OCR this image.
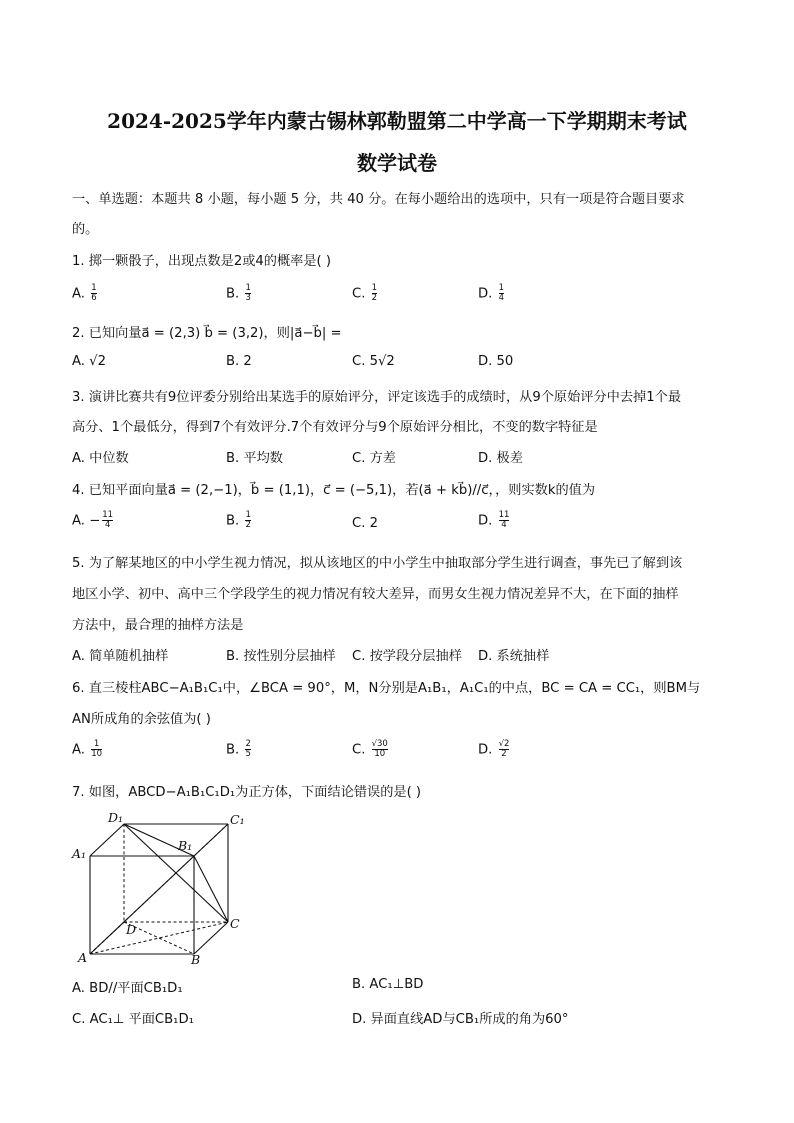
2024-2025学年内蒙古锡林郭勒盟第二中学高一下学期期末考试
数学试卷
一、单选题：本题共 8 小题，每小题 5 分，共 40 分。在每小题给出的选项中，只有一项是符合题目要求
的。
1. 掷一颗骰子，出现点数是2或4的概率是( )
A. $\frac{1}{6}$	B. $\frac{1}{3}$	C. $\frac{1}{2}$	D. $\frac{1}{4}$
2. 已知向量a⃗ = (2,3) b⃗ = (3,2)，则|a⃗−b⃗| =
A. √2	B. 2	C. 5√2	D. 50
3. 演讲比赛共有9位评委分别给出某选手的原始评分，评定该选手的成绩时，从9个原始评分中去掉1个最
高分、1个最低分，得到7个有效评分.7个有效评分与9个原始评分相比，不变的数字特征是
A. 中位数	B. 平均数	C. 方差	D. 极差
4. 已知平面向量a⃗ = (2,−1)，b⃗ = (1,1)，c⃗ = (−5,1)，若(a⃗ + kb⃗)//c⃗，，则实数k的值为
A. − $\frac{11}{4}$	B. $\frac{1}{2}$	C. 2	D. $\frac{11}{4}$
5. 为了解某地区的中小学生视力情况，拟从该地区的中小学生中抽取部分学生进行调查，事先已了解到该
地区小学、初中、高中三个学段学生的视力情况有较大差异，而男女生视力情况差异不大，在下面的抽样
方法中，最合理的抽样方法是
A. 简单随机抽样	B. 按性别分层抽样 C. 按学段分层抽样 D. 系统抽样
6. 直三棱柱ABC−A₁B₁C₁中，∠BCA = 90°，M，N分别是A₁B₁，A₁C₁的中点，BC = CA = CC₁，则BM与
AN所成角的余弦值为( )
A. $\frac{1}{10}$	B. $\frac{2}{5}$	C. $\frac{√30}{10}$	D. $\frac{√2}{2}$
7. 如图，ABCD−A₁B₁C₁D₁为正方体，下面结论错误的是( )
D₁	C₁
A₁
B₁
D	C
A	B
A. BD//平面CB₁D₁	B. AC₁⊥BD
C. AC₁⊥ 平面CB₁D₁	D. 异面直线AD与CB₁所成的角为60°
